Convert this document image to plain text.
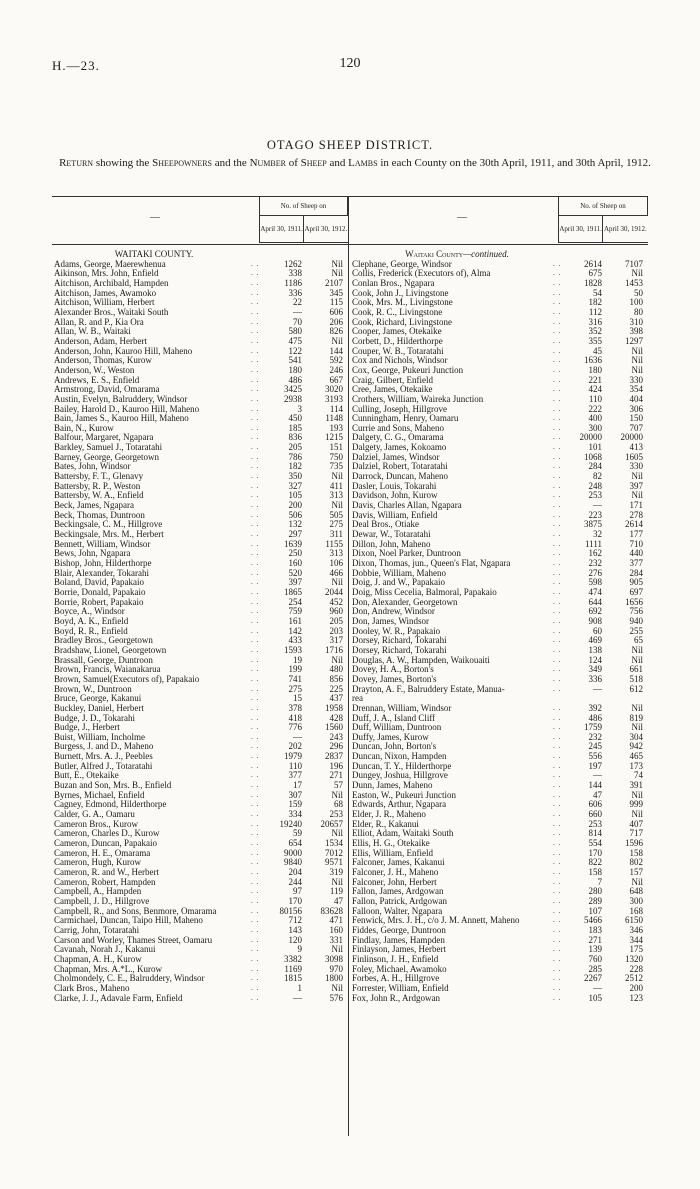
H.—23.	120
OTAGO SHEEP DISTRICT.
Return showing the Sheepowners and the Number of Sheep and Lambs in each County on the 30th April, 1911, and 30th April, 1912.
No. of Sheep on
April 30, 1911.	April 30, 1912.
—
No. of Sheep on
April 30, 1911.	April 30, 1912.
—
WAITAKI COUNTY.
Adams, George, Maerewhenua	. .	1262	Nil
Aikinson, Mrs. John, Enfield	. .	338	Nil
Aitchison, Archibald, Hampden	. .	1186	2107
Aitchison, James, Awamoko	. .	336	345
Aitchison, William, Herbert	. .	22	115
Alexander Bros., Waitaki South	. .	—	606
Allan, R. and P., Kia Ora	. .	70	206
Allan, W. B., Waitaki	. .	580	826
Anderson, Adam, Herbert	. .	475	Nil
Anderson, John, Kauroo Hill, Maheno	. .	122	144
Anderson, Thomas, Kurow	. .	541	592
Anderson, W., Weston	. .	180	246
Andrews, E. S., Enfield	. .	486	667
Armstrong, David, Omarama	. .	3425	3020
Austin, Evelyn, Balruddery, Windsor	. .	2938	3193
Bailey, Harold D., Kauroo Hill, Maheno	. .	3	114
Bain, James S., Kauroo Hill, Maheno	. .	450	1148
Bain, N., Kurow	. .	185	193
Balfour, Margaret, Ngapara	. .	836	1215
Barkley, Samuel J., Totaratahi	. .	205	151
Barney, George, Georgetown	. .	786	750
Bates, John, Windsor	. .	182	735
Battersby, F. T., Glenavy	. .	350	Nil
Battersby, R. P., Weston	. .	327	411
Battersby, W. A., Enfield	. .	105	313
Beck, James, Ngapara	. .	200	Nil
Beck, Thomas, Duntroon	. .	506	505
Beckingsale, C. M., Hillgrove	. .	132	275
Beckingsale, Mrs. M., Herbert	. .	297	311
Bennett, William, Windsor	. .	1639	1155
Bews, John, Ngapara	. .	250	313
Bishop, John, Hilderthorpe	. .	160	106
Blair, Alexander, Tokarahi	. .	520	466
Boland, David, Papakaio	. .	397	Nil
Borrie, Donald, Papakaio	. .	1865	2044
Borrie, Robert, Papakaio	. .	254	452
Boyce, A., Windsor	. .	759	960
Boyd, A. K., Enfield	. .	161	205
Boyd, R. R., Enfield	. .	142	203
Bradley Bros., Georgetown	. .	433	317
Bradshaw, Lionel, Georgetown	. .	1593	1716
Brassall, George, Duntroon	. .	19	Nil
Brown, Francis, Waianakarua	. .	199	480
Brown, Samuel(Executors of), Papakaio	. .	741	856
Brown, W., Duntroon	. .	275	225
Bruce, George, Kakanui	. .	15	437
Buckley, Daniel, Herbert	. .	378	1958
Budge, J. D., Tokarahi	. .	418	428
Budge, J., Herbert	. .	776	1560
Buist, William, Incholme	. .	—	243
Burgess, J. and D., Maheno	. .	202	296
Burnett, Mrs. A. J., Peebles	. .	1979	2837
Butler, Alfred J., Totaratahi	. .	110	196
Butt, E., Otekaike	. .	377	271
Buzan and Son, Mrs. B., Enfield	. .	17	57
Byrnes, Michael, Enfield	. .	307	Nil
Cagney, Edmond, Hilderthorpe	. .	159	68
Calder, G. A., Oamaru	. .	334	253
Cameron Bros., Kurow	. .	19240	20657
Cameron, Charles D., Kurow	. .	59	Nil
Cameron, Duncan, Papakaio	. .	654	1534
Cameron, H. E., Omarama	. .	9000	7012
Cameron, Hugh, Kurow	. .	9840	9571
Cameron, R. and W., Herbert	. .	204	319
Cameron, Robert, Hampden	. .	244	Nil
Campbell, A., Hampden	. .	97	119
Campbell, J. D., Hillgrove	. .	170	47
Campbell, R., and Sons, Benmore, Omarama	. .	80156	83628
Carmichael, Duncan, Taipo Hill, Maheno	. .	712	471
Carrig, John, Totaratahi	. .	143	160
Carson and Worley, Thames Street, Oamaru	. .	120	331
Cavanah, Norah J., Kakanui	. .	9	Nil
Chapman, A. H., Kurow	. .	3382	3098
Chapman, Mrs. A.*L., Kurow	. .	1169	970
Cholmondely, C. E., Balruddery, Windsor	. .	1815	1800
Clark Bros., Maheno	. .	1	Nil
Clarke, J. J., Adavale Farm, Enfield	. .	—	576
Waitaki County—continued.
Clephane, George, Windsor	. .	2614	7107
Collis, Frederick (Executors of), Alma	. .	675	Nil
Conlan Bros., Ngapara	. .	1828	1453
Cook, John J., Livingstone	. .	54	50
Cook, Mrs. M., Livingstone	. .	182	100
Cook, R. C., Livingstone	. .	112	80
Cook, Richard, Livingstone	. .	316	310
Cooper, James, Otekaike	. .	352	398
Corbett, D., Hilderthorpe	. .	355	1297
Couper, W. B., Totaratahi	. .	45	Nil
Cox and Nichols, Windsor	. .	1636	Nil
Cox, George, Pukeuri Junction	. .	180	Nil
Craig, Gilbert, Enfield	. .	221	330
Cree, James, Otekaike	. .	424	354
Crothers, William, Waireka Junction	. .	110	404
Culling, Joseph, Hillgrove	. .	222	306
Cunningham, Henry, Oamaru	. .	400	150
Currie and Sons, Maheno	. .	300	707
Dalgety, C. G., Omarama	. .	20000	20000
Dalgety, James, Kokoamo	. .	101	413
Dalziel, James, Windsor	. .	1068	1605
Dalziel, Robert, Totaratahi	. .	284	330
Darrock, Duncan, Maheno	. .	82	Nil
Dasler, Louis, Tokarahi	. .	248	397
Davidson, John, Kurow	. .	253	Nil
Davis, Charles Allan, Ngapara	. .	—	171
Davis, William, Enfield	. .	223	278
Deal Bros., Otiake	. .	3875	2614
Dewar, W., Totaratahi	. .	32	177
Dillon, John, Maheno	. .	1111	710
Dixon, Noel Parker, Duntroon	. .	162	440
Dixon, Thomas, jun., Queen's Flat, Ngapara	. .	232	377
Dobbie, William, Maheno	. .	276	284
Doig, J. and W., Papakaio	. .	598	905
Doig, Miss Cecelia, Balmoral, Papakaio	. .	474	697
Don, Alexander, Georgetown	. .	644	1656
Don, Andrew, Windsor	. .	692	756
Don, James, Windsor	. .	908	940
Dooley, W. R., Papakaio	. .	60	255
Dorsey, Richard, Tokarahi	. .	469	65
Dorsey, Richard, Tokarahi	. .	138	Nil
Douglas, A. W., Hampden, Waikouaiti	. .	124	Nil
Dovey, H. A., Borton's	. .	349	661
Dovey, James, Borton's	. .	336	518
Drayton, A. F., Balruddery Estate, Manua-	. .	—	612
rea
Drennan, William, Windsor	. .	392	Nil
Duff, J. A., Island Cliff	. .	486	819
Duff, William, Duntroon	. .	1759	Nil
Duffy, James, Kurow	. .	232	304
Duncan, John, Borton's	. .	245	942
Duncan, Nixon, Hampden	. .	556	465
Duncan, T. Y., Hilderthorpe	. .	197	173
Dungey, Joshua, Hillgrove	. .	—	74
Dunn, James, Maheno	. .	144	391
Easton, W., Pukeuri Junction	. .	47	Nil
Edwards, Arthur, Ngapara	. .	606	999
Elder, J. R., Maheno	. .	660	Nil
Elder, R., Kakanui	. .	253	407
Elliot, Adam, Waitaki South	. .	814	717
Ellis, H. G., Otekaike	. .	554	1596
Ellis, William, Enfield	. .	170	158
Falconer, James, Kakanui	. .	822	802
Falconer, J. H., Maheno	. .	158	157
Falconer, John, Herbert	. .	7	Nil
Fallon, James, Ardgowan	. .	280	648
Fallon, Patrick, Ardgowan	. .	289	300
Falloon, Walter, Ngapara	. .	107	168
Fenwick, Mrs. J. H., c/o J. M. Annett, Maheno	. .	5466	6150
Fiddes, George, Duntroon	. .	183	346
Findlay, James, Hampden	. .	271	344
Finlayson, James, Herbert	. .	139	175
Finlinson, J. H., Enfield	. .	760	1320
Foley, Michael, Awamoko	. .	285	228
Forbes, A. H., Hillgrove	. .	2267	2512
Forrester, William, Enfield	. .	—	200
Fox, John R., Ardgowan	. .	105	123
